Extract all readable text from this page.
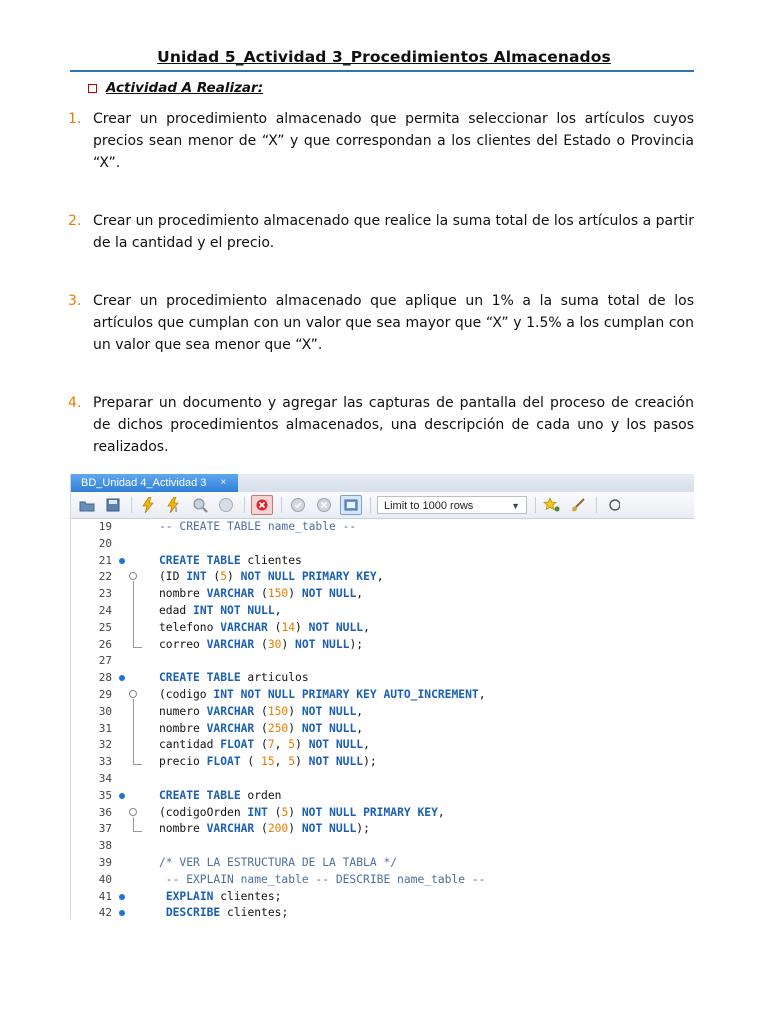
Unidad 5_Actividad 3_Procedimientos Almacenados
Actividad A Realizar:
1. Crear un procedimiento almacenado que permita seleccionar los artículos cuyos precios sean menor de “X” y que correspondan a los clientes del Estado o Provincia “X”.
2. Crear un procedimiento almacenado que realice la suma total de los artículos a partir de la cantidad y el precio.
3. Crear un procedimiento almacenado que aplique un 1% a la suma total de los artículos que cumplan con un valor que sea mayor que “X” y 1.5% a los cumplan con un valor que sea menor que “X”.
4. Preparar un documento y agregar las capturas de pantalla del proceso de creación de dichos procedimientos almacenados, una descripción de cada uno y los pasos realizados.
BD_Unidad 4_Actividad 3 ×
I	Limit to 1000 rows	▼
19	-- CREATE TABLE name_table --
20
21	CREATE TABLE clientes
22	(ID INT (5) NOT NULL PRIMARY KEY,
23	nombre VARCHAR (150) NOT NULL,
24	edad INT NOT NULL,
25	telefono VARCHAR (14) NOT NULL,
26	correo VARCHAR (30) NOT NULL);
27
28	CREATE TABLE articulos
29	(codigo INT NOT NULL PRIMARY KEY AUTO_INCREMENT,
30	numero VARCHAR (150) NOT NULL,
31	nombre VARCHAR (250) NOT NULL,
32	cantidad FLOAT (7, 5) NOT NULL,
33	precio FLOAT ( 15, 5) NOT NULL);
34
35	CREATE TABLE orden
36	(codigoOrden INT (5) NOT NULL PRIMARY KEY,
37	nombre VARCHAR (200) NOT NULL);
38
39	/* VER LA ESTRUCTURA DE LA TABLA */
40	-- EXPLAIN name_table -- DESCRIBE name_table --
41	EXPLAIN clientes;
42	DESCRIBE clientes;
